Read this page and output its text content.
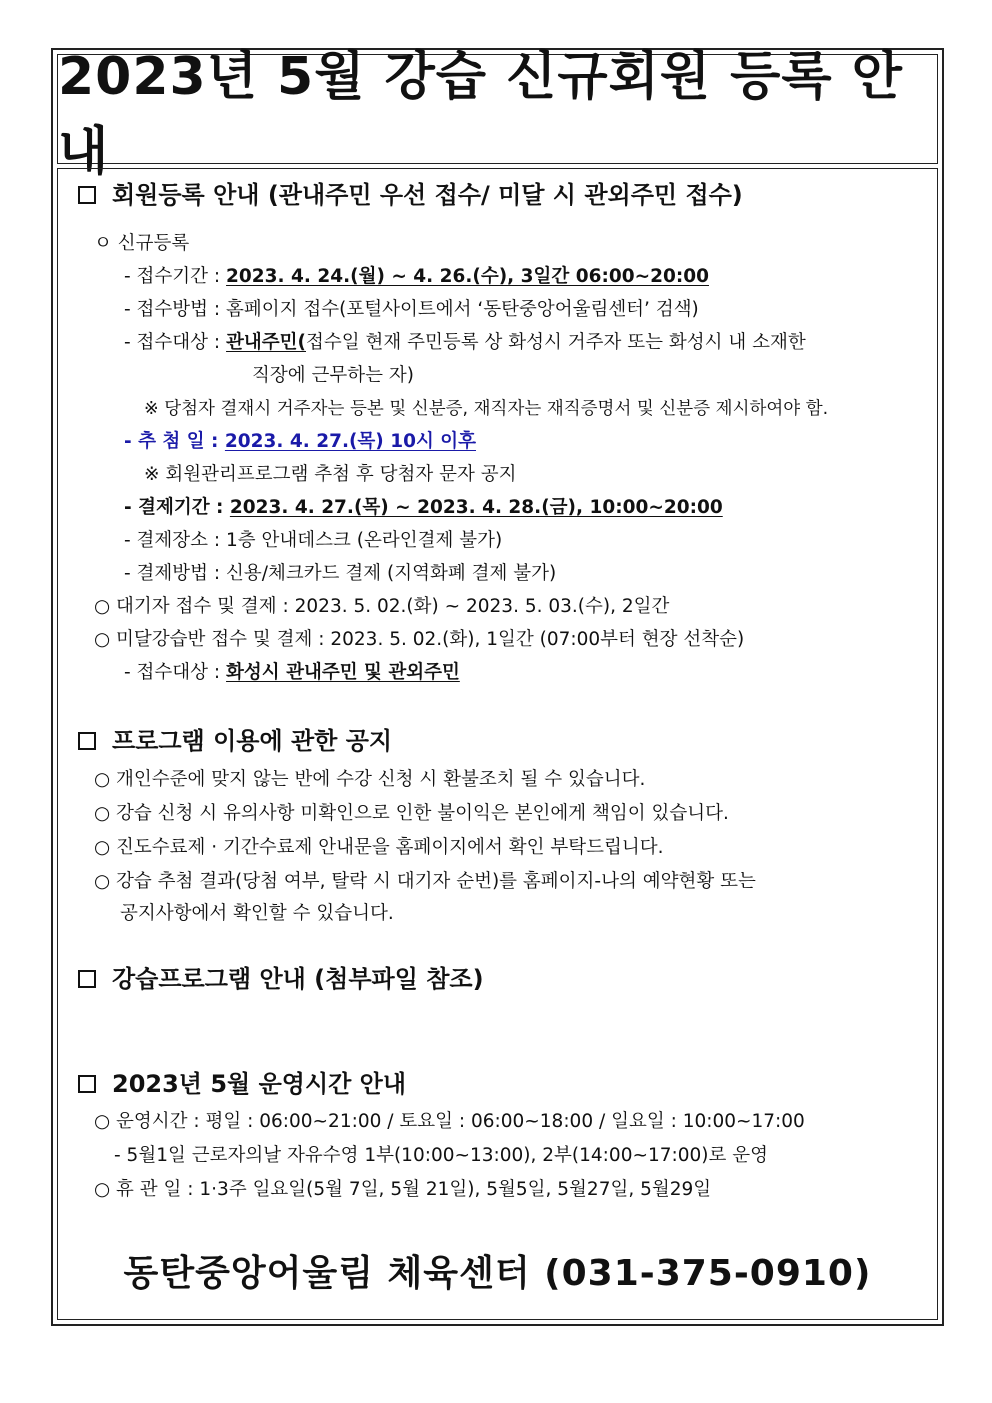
2023년 5월 강습 신규회원 등록 안내
회원등록 안내 (관내주민 우선 접수/ 미달 시 관외주민 접수)
ㅇ 신규등록
- 접수기간 : 2023. 4. 24.(월) ~ 4. 26.(수), 3일간 06:00~20:00
- 접수방법 : 홈페이지 접수(포털사이트에서 ‘동탄중앙어울림센터’ 검색)
- 접수대상 : 관내주민(접수일 현재 주민등록 상 화성시 거주자 또는 화성시 내 소재한
직장에 근무하는 자)
※ 당첨자 결재시 거주자는 등본 및 신분증, 재직자는 재직증명서 및 신분증 제시하여야 함.
- 추 첨 일 : 2023. 4. 27.(목) 10시 이후
※ 회원관리프로그램 추첨 후 당첨자 문자 공지
- 결제기간 : 2023. 4. 27.(목) ~ 2023. 4. 28.(금), 10:00~20:00
- 결제장소 : 1층 안내데스크 (온라인결제 불가)
- 결제방법 : 신용/체크카드 결제 (지역화폐 결제 불가)
○ 대기자 접수 및 결제 : 2023. 5. 02.(화) ~ 2023. 5. 03.(수), 2일간
○ 미달강습반 접수 및 결제 : 2023. 5. 02.(화), 1일간 (07:00부터 현장 선착순)
- 접수대상 : 화성시 관내주민 및 관외주민
프로그램 이용에 관한 공지
○ 개인수준에 맞지 않는 반에 수강 신청 시 환불조치 될 수 있습니다.
○ 강습 신청 시 유의사항 미확인으로 인한 불이익은 본인에게 책임이 있습니다.
○ 진도수료제 · 기간수료제 안내문을 홈페이지에서 확인 부탁드립니다.
○ 강습 추첨 결과(당첨 여부, 탈락 시 대기자 순번)를 홈페이지-나의 예약현황 또는
공지사항에서 확인할 수 있습니다.
강습프로그램 안내 (첨부파일 참조)
2023년 5월 운영시간 안내
○ 운영시간 : 평일 : 06:00~21:00 / 토요일 : 06:00~18:00 / 일요일 : 10:00~17:00
- 5월1일 근로자의날 자유수영 1부(10:00~13:00), 2부(14:00~17:00)로 운영
○ 휴 관 일 : 1·3주 일요일(5월 7일, 5월 21일), 5월5일, 5월27일, 5월29일
동탄중앙어울림 체육센터 (031-375-0910)
